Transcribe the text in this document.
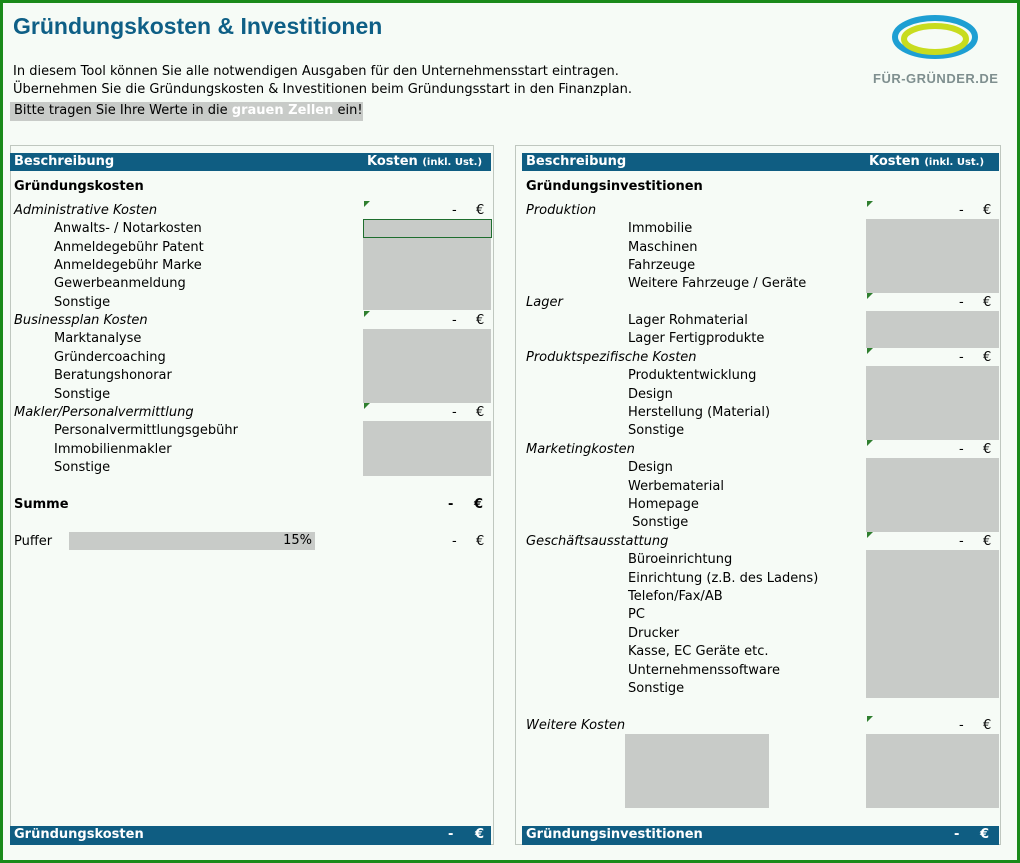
Gründungskosten & Investitionen
In diesem Tool können Sie alle notwendigen Ausgaben für den Unternehmensstart eintragen.
Übernehmen Sie die Gründungskosten & Investitionen beim Gründungsstart in den Finanzplan.
Bitte tragen Sie Ihre Werte in die grauen Zellen ein!
FÜR-GRÜNDER.DE
Beschreibung	Kosten (inkl. Ust.)
Gründungskosten
Administrative Kosten	- €
Anwalts- / Notarkosten
Anmeldegebühr Patent
Anmeldegebühr Marke
Gewerbeanmeldung
Sonstige
Businessplan Kosten	- €
Marktanalyse
Gründercoaching
Beratungshonorar
Sonstige
Makler/Personalvermittlung	- €
Personalvermittlungsgebühr
Immobilienmakler
Sonstige
Summe	- €
Puffer	15%	- €
Gründungskosten	- €
Beschreibung	Kosten (inkl. Ust.)
Gründungsinvestitionen
Produktion	- €
Immobilie
Maschinen
Fahrzeuge
Weitere Fahrzeuge / Geräte
Lager	- €
Lager Rohmaterial
Lager Fertigprodukte
Produktspezifische Kosten	- €
Produktentwicklung
Design
Herstellung (Material)
Sonstige
Marketingkosten	- €
Design
Werbematerial
Homepage
Sonstige
Geschäftsausstattung	- €
Büroeinrichtung
Einrichtung (z.B. des Ladens)
Telefon/Fax/AB
PC
Drucker
Kasse, EC Geräte etc.
Unternehmenssoftware
Sonstige
Weitere Kosten	- €
Gründungsinvestitionen	- €
